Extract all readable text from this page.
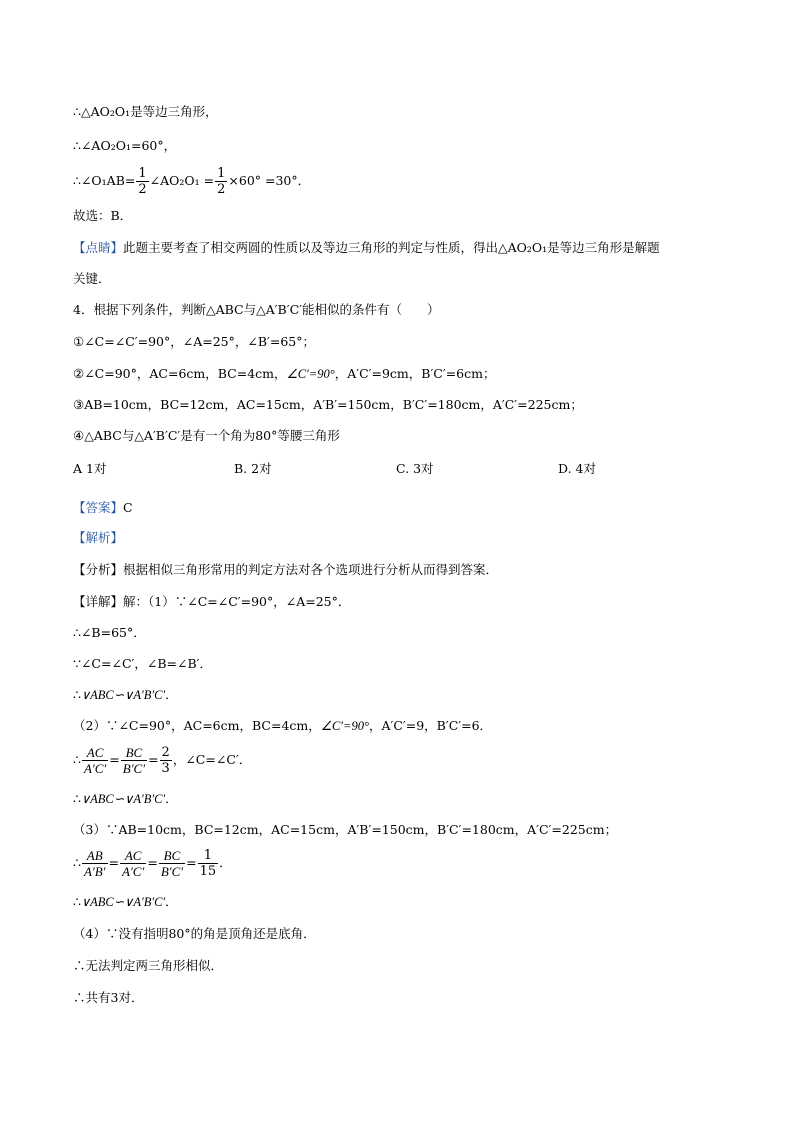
∴△AO₂O₁是等边三角形，
∴∠AO₂O₁=60°，
∴∠O₁AB= $\frac{1}{2}$ ∠AO₂O₁ = $\frac{1}{2} \times 60^\circ =30^\circ$．
故选：B．
【点睛】此题主要考查了相交两圆的性质以及等边三角形的判定与性质，得出△AO₂O₁是等边三角形是解题
关键．
4．根据下列条件，判断△ABC与△A′B′C′能相似的条件有（　　）
①∠C=∠C′=90°，∠A=25°，∠B′=65°；
②∠C=90°，AC=6cm，BC=4cm，∠C′=90°，A′C′=9cm，B′C′=6cm；
③AB=10cm，BC=12cm，AC=15cm，A′B′=150cm，B′C′=180cm，A′C′=225cm；
④△ABC与△A′B′C′是有一个角为80°等腰三角形
A 1对	B. 2对	C. 3对	D. 4对
【答案】C
【解析】
【分析】根据相似三角形常用的判定方法对各个选项进行分析从而得到答案．
【详解】解：（1）∵∠C=∠C′=90°，∠A=25°．
∴∠B=65°．
∵∠C=∠C′，∠B=∠B′．
∴∨ABC∽∨A′B′C′．
（2）∵∠C=90°，AC=6cm，BC=4cm，∠C′=90°，A′C′=9，B′C′=6．
∴ $\frac{AC}{A'C'} = \frac{BC}{B'C'} = \frac{2}{3}$ ，∠C=∠C′．
∴∨ABC∽∨A′B′C′．
（3）∵AB=10cm，BC=12cm，AC=15cm，A′B′=150cm，B′C′=180cm，A′C′=225cm；
∴ $\frac{AB}{A'B'} = \frac{AC}{A'C'} = \frac{BC}{B'C'} = \frac{1}{15}$ ．
∴∨ABC∽∨A′B′C′．
（4）∵没有指明80°的角是顶角还是底角．
∴无法判定两三角形相似．
∴共有3对．
